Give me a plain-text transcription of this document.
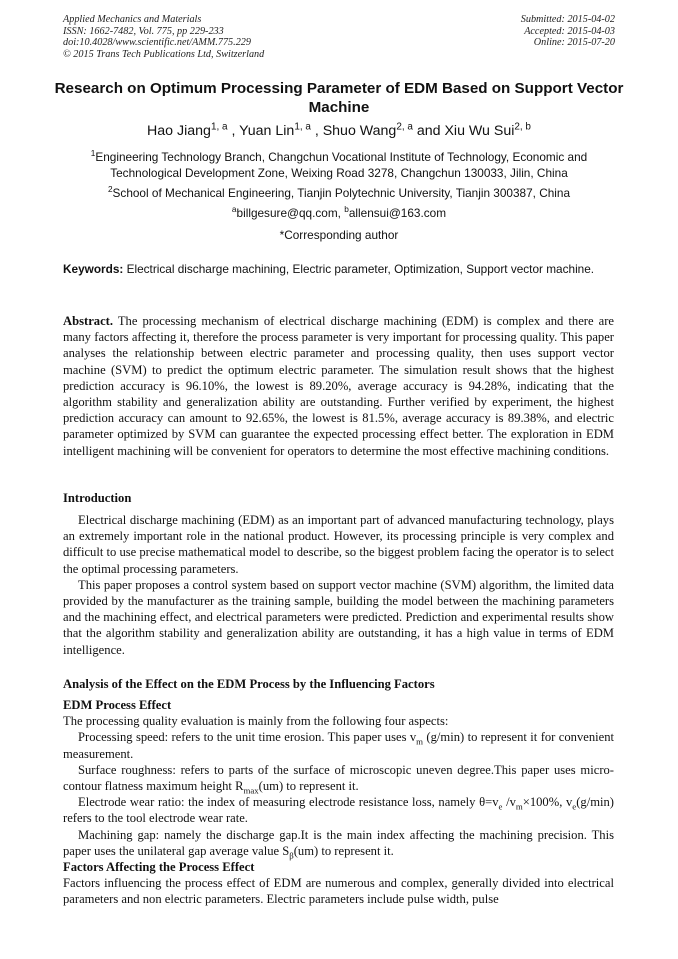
Applied Mechanics and Materials
ISSN: 1662-7482, Vol. 775, pp 229-233
doi:10.4028/www.scientific.net/AMM.775.229
© 2015 Trans Tech Publications Ltd, Switzerland
Submitted: 2015-04-02
Accepted: 2015-04-03
Online: 2015-07-20
Research on Optimum Processing Parameter of EDM Based on Support Vector Machine
Hao Jiang$^{1, a}$ , Yuan Lin$^{1, a}$ , Shuo Wang$^{2, a}$ and Xiu Wu Sui$^{2, b}$
$^1$Engineering Technology Branch, Changchun Vocational Institute of Technology, Economic and Technological Development Zone, Weixing Road 3278, Changchun 130033, Jilin, China
$^2$School of Mechanical Engineering, Tianjin Polytechnic University, Tianjin 300387, China
$^a$billgesure@qq.com, $^b$allensui@163.com
*Corresponding author
Keywords: Electrical discharge machining, Electric parameter, Optimization, Support vector machine.
Abstract. The processing mechanism of electrical discharge machining (EDM) is complex and there are many factors affecting it, therefore the process parameter is very important for processing quality. This paper analyses the relationship between electric parameter and processing quality, then uses support vector machine (SVM) to predict the optimum electric parameter. The simulation result shows that the highest prediction accuracy is 96.10%, the lowest is 89.20%, average accuracy is 94.28%, indicating that the algorithm stability and generalization ability are outstanding. Further verified by experiment, the highest prediction accuracy can amount to 92.65%, the lowest is 81.5%, average accuracy is 89.38%, and electric parameter optimized by SVM can guarantee the expected processing effect better. The exploration in EDM intelligent machining will be convenient for operators to determine the most effective machining conditions.
Introduction

Electrical discharge machining (EDM) as an important part of advanced manufacturing technology, plays an extremely important role in the national product. However, its processing principle is very complex and difficult to use precise mathematical model to describe, so the biggest problem facing the operator is to select the optimal processing parameters.

This paper proposes a control system based on support vector machine (SVM) algorithm, the limited data provided by the manufacturer as the training sample, building the model between the machining parameters and the machining effect, and electrical parameters were predicted. Prediction and experimental results show that the algorithm stability and generalization ability are outstanding, it has a high value in terms of EDM intelligence.

Analysis of the Effect on the EDM Process by the Influencing Factors
EDM Process Effect

The processing quality evaluation is mainly from the following four aspects:

Processing speed: refers to the unit time erosion. This paper uses $v_m$ (g/min) to represent it for convenient measurement.

Surface roughness: refers to parts of the surface of microscopic uneven degree.This paper uses micro-contour flatness maximum height $R_{max}(um)$ to represent it.

Electrode wear ratio: the index of measuring electrode resistance loss, namely $\theta=v_e$ $/v_m\times 100\%$, $v_e(g/\min)$ refers to the tool electrode wear rate.

Machining gap: namely the discharge gap.It is the main index affecting the machining precision. This paper uses the unilateral gap average value $S_\beta(um)$ to represent it.

Factors Affecting the Process Effect

Factors influencing the process effect of EDM are numerous and complex, generally divided into electrical parameters and non electric parameters. Electric parameters include pulse width, pulse
